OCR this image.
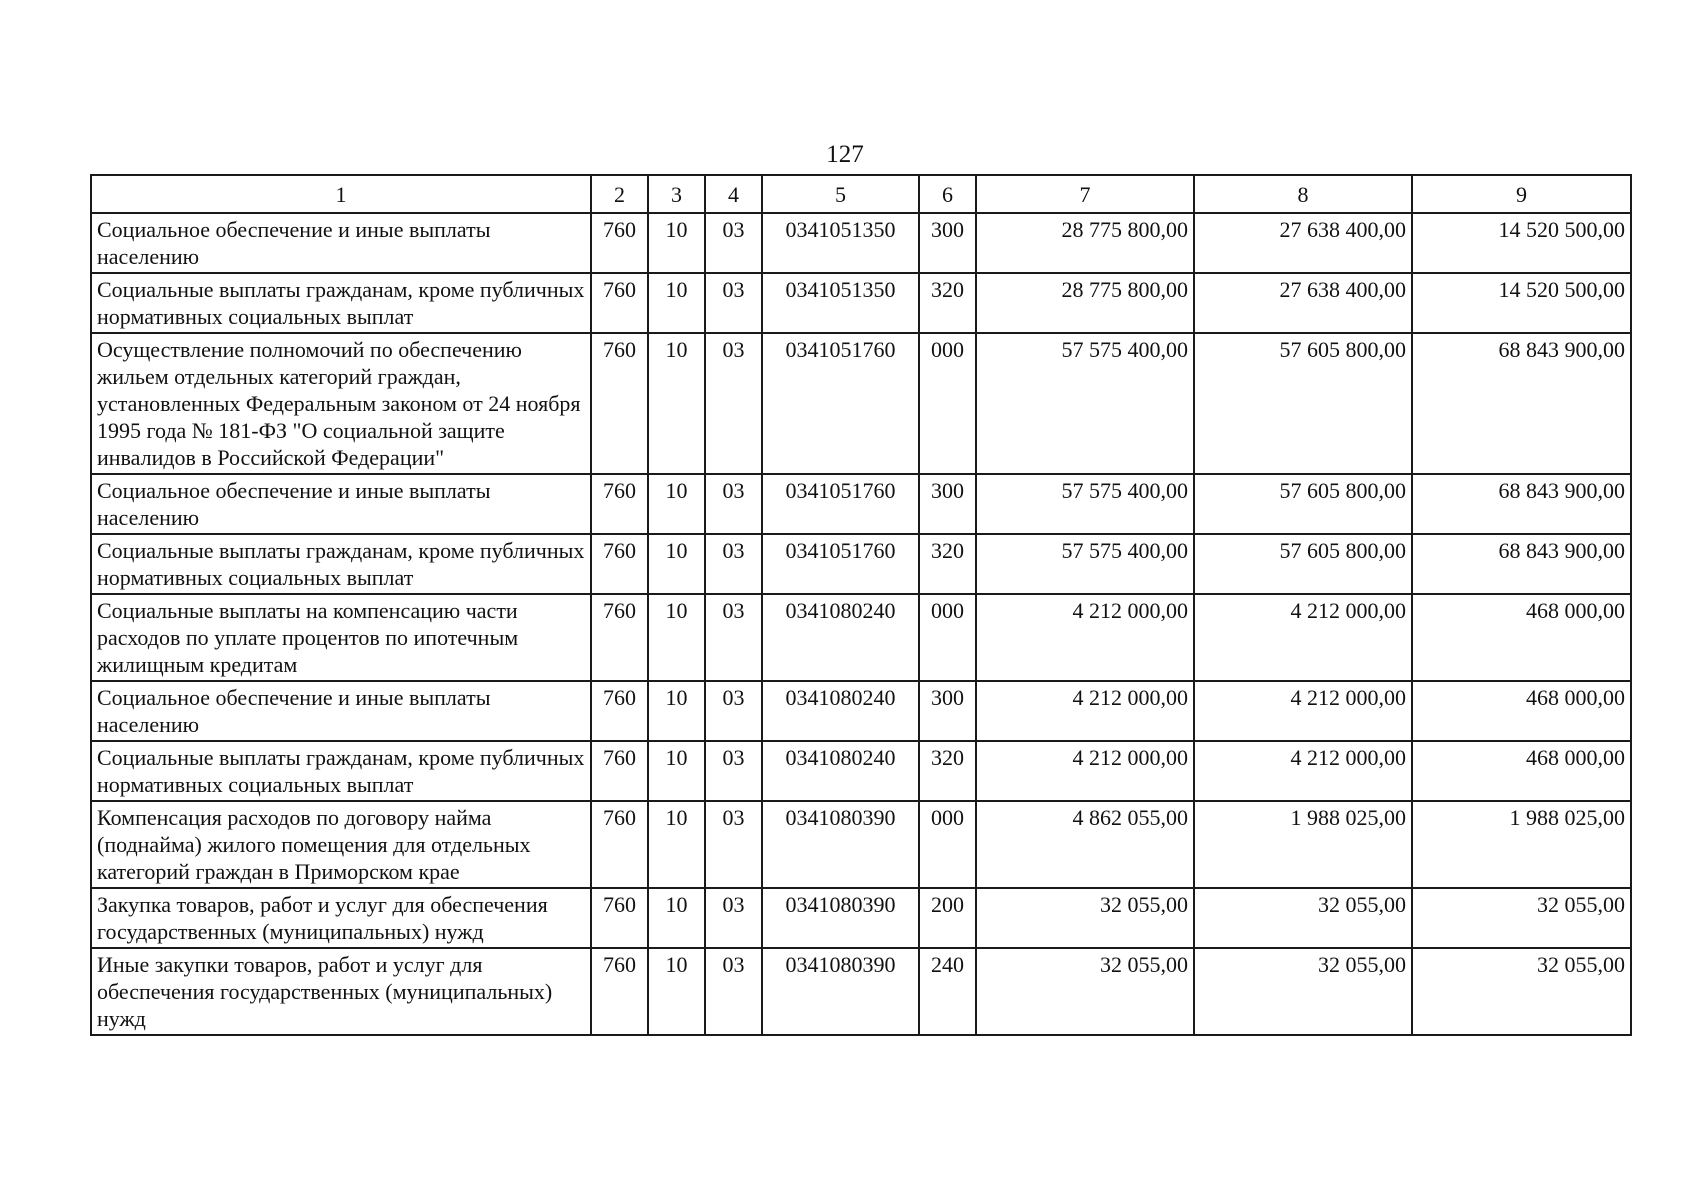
127
1	2	3	4	5	6	7	8	9
Социальное обеспечение и иные выплаты населению	760	10	03	0341051350	300	28 775 800,00	27 638 400,00	14 520 500,00
Социальные выплаты гражданам, кроме публичных нормативных социальных выплат	760	10	03	0341051350	320	28 775 800,00	27 638 400,00	14 520 500,00
Осуществление полномочий по обеспечению жильем отдельных категорий граждан, установленных Федеральным законом от 24 ноября 1995 года № 181-ФЗ "О социальной защите инвалидов в Российской Федерации"	760	10	03	0341051760	000	57 575 400,00	57 605 800,00	68 843 900,00
Социальное обеспечение и иные выплаты населению	760	10	03	0341051760	300	57 575 400,00	57 605 800,00	68 843 900,00
Социальные выплаты гражданам, кроме публичных нормативных социальных выплат	760	10	03	0341051760	320	57 575 400,00	57 605 800,00	68 843 900,00
Социальные выплаты на компенсацию части расходов по уплате процентов по ипотечным жилищным кредитам	760	10	03	0341080240	000	4 212 000,00	4 212 000,00	468 000,00
Социальное обеспечение и иные выплаты населению	760	10	03	0341080240	300	4 212 000,00	4 212 000,00	468 000,00
Социальные выплаты гражданам, кроме публичных нормативных социальных выплат	760	10	03	0341080240	320	4 212 000,00	4 212 000,00	468 000,00
Компенсация расходов по договору найма (поднайма) жилого помещения для отдельных категорий граждан в Приморском крае	760	10	03	0341080390	000	4 862 055,00	1 988 025,00	1 988 025,00
Закупка товаров, работ и услуг для обеспечения государственных (муниципальных) нужд	760	10	03	0341080390	200	32 055,00	32 055,00	32 055,00
Иные закупки товаров, работ и услуг для обеспечения государственных (муниципальных) нужд	760	10	03	0341080390	240	32 055,00	32 055,00	32 055,00
